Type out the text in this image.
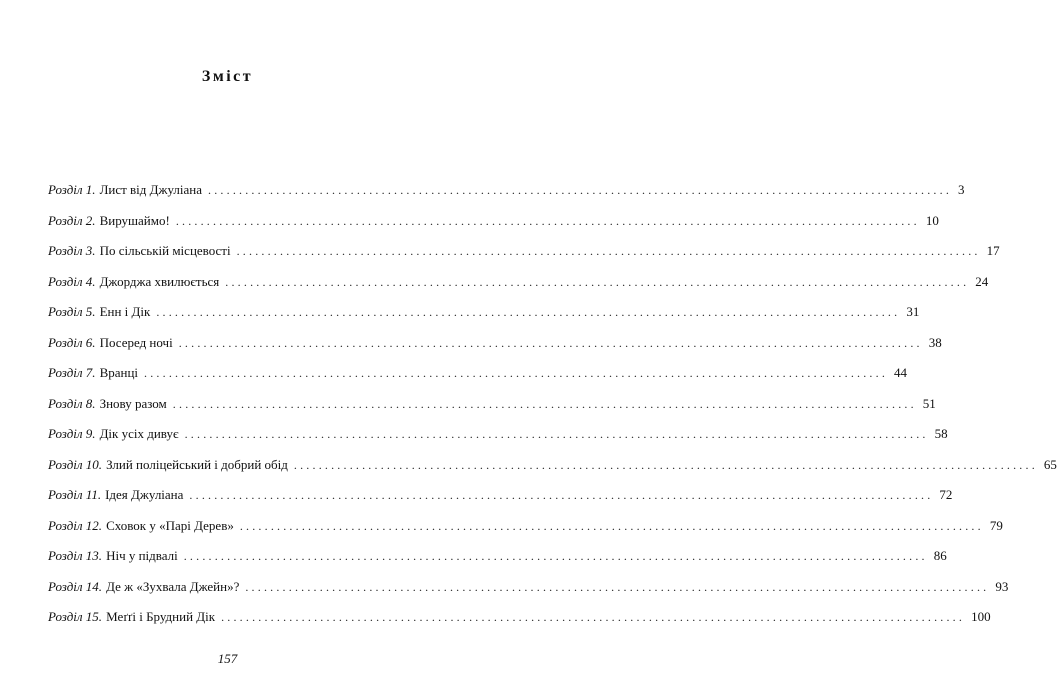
Зміст
Розділ 1. Лист від Джуліана ........................................................................................................................ 3
Розділ 2. Вирушаймо! ........................................................................................................................ 10
Розділ 3. По сільській місцевості ........................................................................................................................ 17
Розділ 4. Джорджа хвилюється ........................................................................................................................ 24
Розділ 5. Енн і Дік ........................................................................................................................ 31
Розділ 6. Посеред ночі ........................................................................................................................ 38
Розділ 7. Вранці ........................................................................................................................ 44
Розділ 8. Знову разом ........................................................................................................................ 51
Розділ 9. Дік усіх дивує ........................................................................................................................ 58
Розділ 10. Злий поліцейський і добрий обід ........................................................................................................................ 65
Розділ 11. Ідея Джуліана ........................................................................................................................ 72
Розділ 12. Сховок у «Парі Дерев» ........................................................................................................................ 79
Розділ 13. Ніч у підвалі ........................................................................................................................ 86
Розділ 14. Де ж «Зухвала Джейн»? ........................................................................................................................ 93
Розділ 15. Меґґі і Брудний Дік ........................................................................................................................ 100
157
